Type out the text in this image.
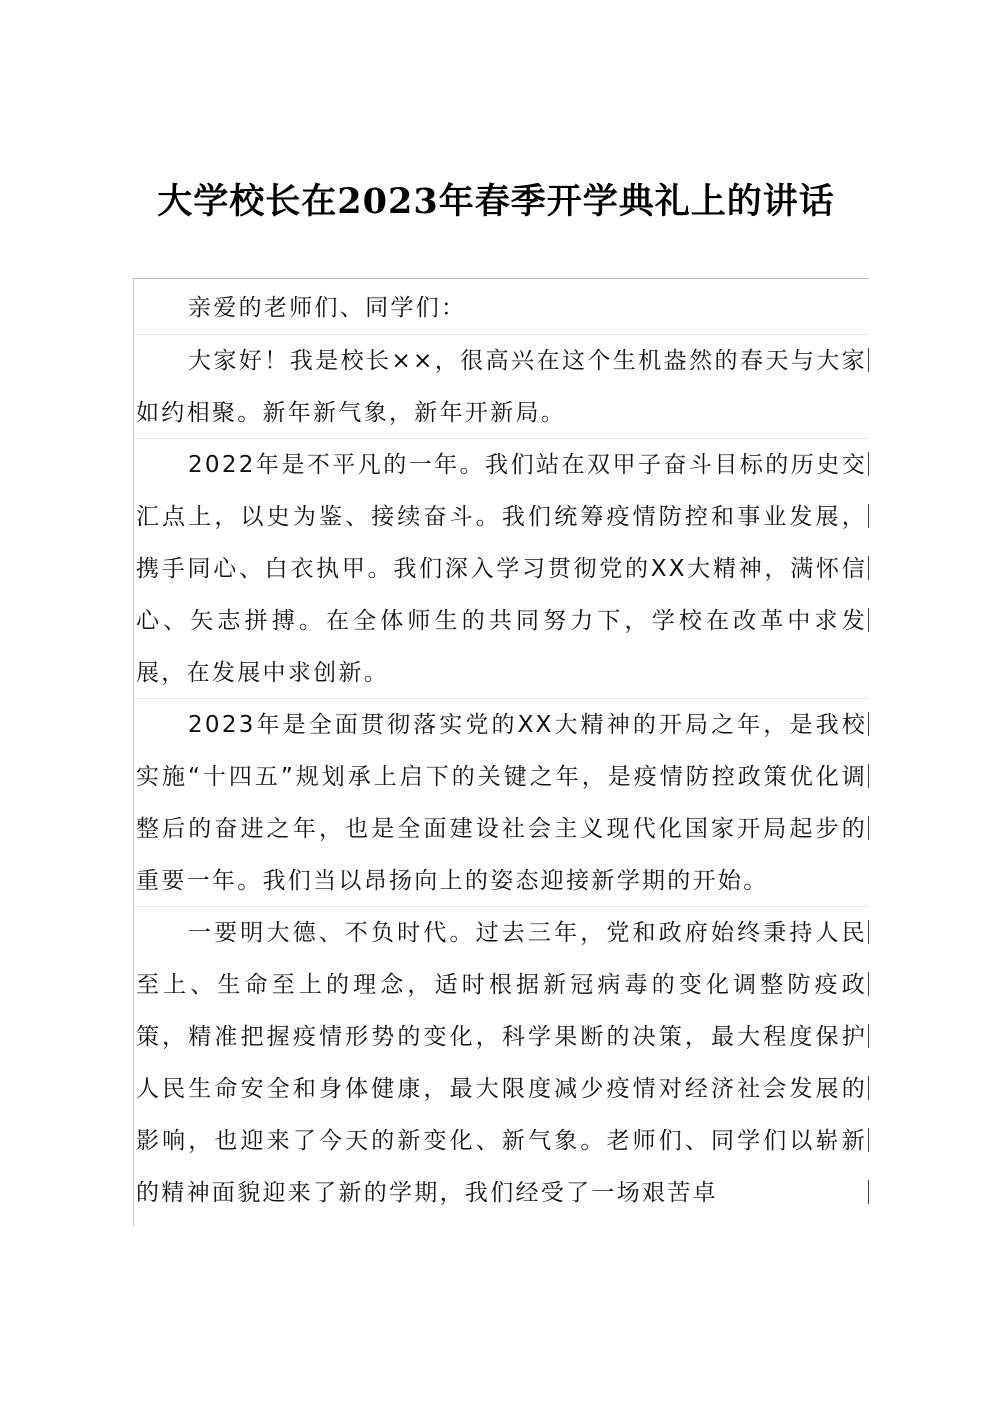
大学校长在2023年春季开学典礼上的讲话
亲爱的老师们、同学们：
大家好！我是校长××，很高兴在这个生机盎然的春天与大家如约相聚。新年新气象，新年开新局。
2022年是不平凡的一年。我们站在双甲子奋斗目标的历史交汇点上，以史为鉴、接续奋斗。我们统筹疫情防控和事业发展，携手同心、白衣执甲。我们深入学习贯彻党的XX大精神，满怀信心、矢志拼搏。在全体师生的共同努力下，学校在改革中求发展，在发展中求创新。
2023年是全面贯彻落实党的XX大精神的开局之年，是我校实施“十四五”规划承上启下的关键之年，是疫情防控政策优化调整后的奋进之年，也是全面建设社会主义现代化国家开局起步的重要一年。我们当以昂扬向上的姿态迎接新学期的开始。
一要明大德、不负时代。过去三年，党和政府始终秉持人民至上、生命至上的理念，适时根据新冠病毒的变化调整防疫政策，精准把握疫情形势的变化，科学果断的决策，最大程度保护人民生命安全和身体健康，最大限度减少疫情对经济社会发展的影响，也迎来了今天的新变化、新气象。老师们、同学们以崭新的精神面貌迎来了新的学期，我们经受了一场艰苦卓
